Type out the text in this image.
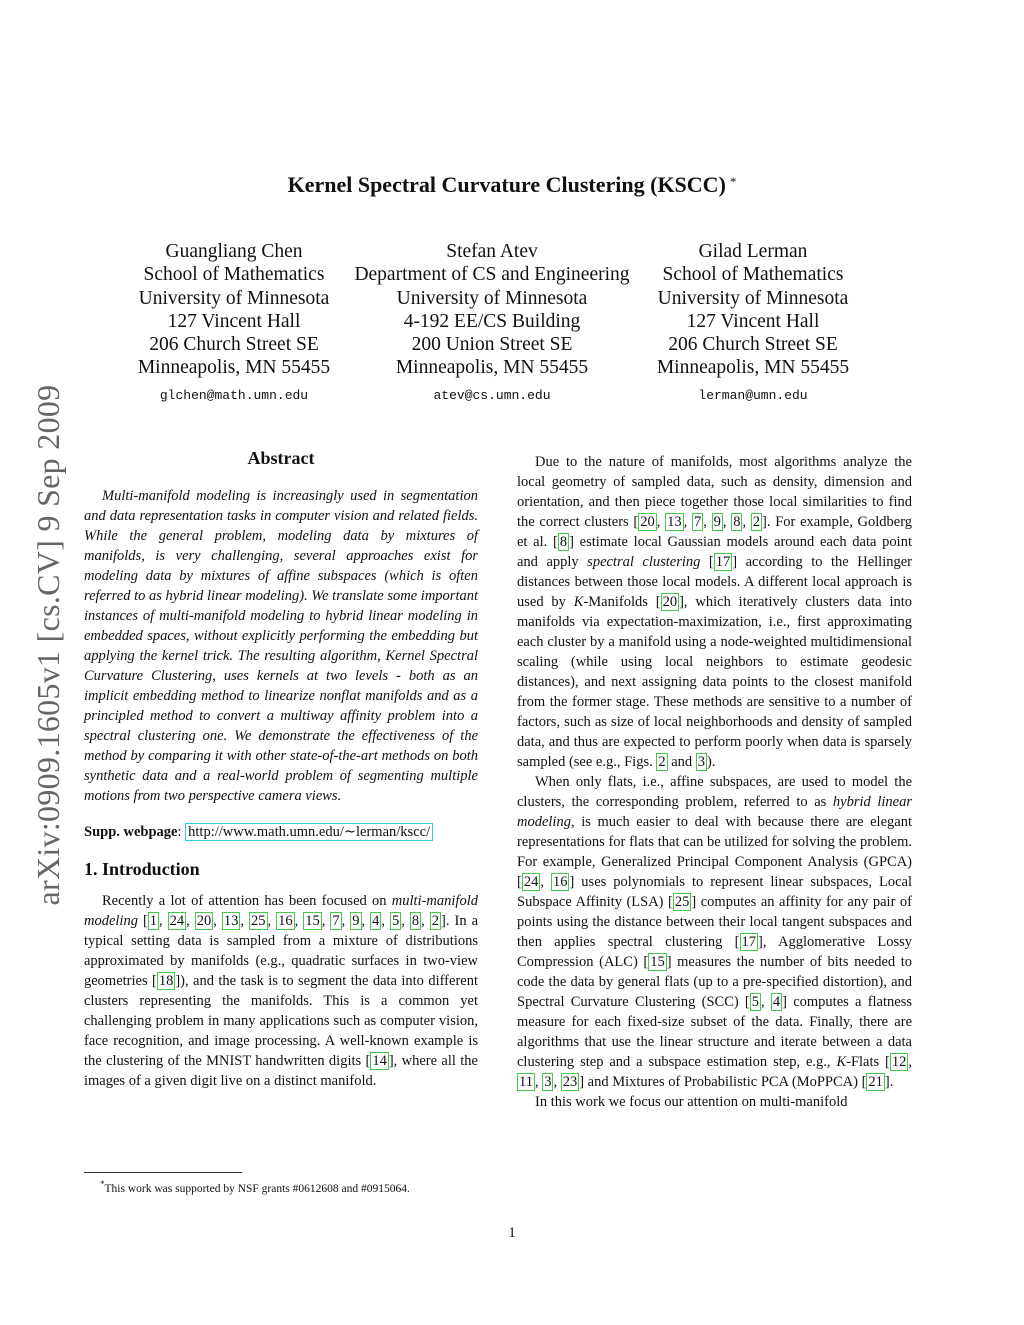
arXiv:0909.1605v1 [cs.CV] 9 Sep 2009
Kernel Spectral Curvature Clustering (KSCC) *
Guangliang Chen
School of Mathematics
University of Minnesota
127 Vincent Hall
206 Church Street SE
Minneapolis, MN 55455
glchen@math.umn.edu
Stefan Atev
Department of CS and Engineering
University of Minnesota
4-192 EE/CS Building
200 Union Street SE
Minneapolis, MN 55455
atev@cs.umn.edu
Gilad Lerman
School of Mathematics
University of Minnesota
127 Vincent Hall
206 Church Street SE
Minneapolis, MN 55455
lerman@umn.edu
Abstract

Multi-manifold modeling is increasingly used in segmentation and data representation tasks in computer vision and related fields. While the general problem, modeling data by mixtures of manifolds, is very challenging, several approaches exist for modeling data by mixtures of affine subspaces (which is often referred to as hybrid linear modeling). We translate some important instances of multi-manifold modeling to hybrid linear modeling in embedded spaces, without explicitly performing the embedding but applying the kernel trick. The resulting algorithm, Kernel Spectral Curvature Clustering, uses kernels at two levels - both as an implicit embedding method to linearize nonflat manifolds and as a principled method to convert a multiway affinity problem into a spectral clustering one. We demonstrate the effectiveness of the method by comparing it with other state-of-the-art methods on both synthetic data and a real-world problem of segmenting multiple motions from two perspective camera views.

Supp. webpage: http://www.math.umn.edu/∼lerman/kscc/
1. Introduction

Recently a lot of attention has been focused on multi-manifold modeling [ 1 , 24 , 20 , 13 , 25 , 16 , 15 , 7 , 9 , 4 , 5 , 8 , 2 ]. In a typical setting data is sampled from a mixture of distributions approximated by manifolds (e.g., quadratic surfaces in two-view geometries [ 18 ]), and the task is to segment the data into different clusters representing the manifolds. This is a common yet challenging problem in many applications such as computer vision, face recognition, and image processing. A well-known example is the clustering of the MNIST handwritten digits [ 14 ], where all the images of a given digit live on a distinct manifold.

Due to the nature of manifolds, most algorithms analyze the local geometry of sampled data, such as density, dimension and orientation, and then piece together those local similarities to find the correct clusters [ 20 , 13 , 7 , 9 , 8 , 2 ]. For example, Goldberg et al. [ 8 ] estimate local Gaussian models around each data point and apply spectral clustering [ 17 ] according to the Hellinger distances between those local models. A different local approach is used by K-Manifolds [ 20 ], which iteratively clusters data into manifolds via expectation-maximization, i.e., first approximating each cluster by a manifold using a node-weighted multidimensional scaling (while using local neighbors to estimate geodesic distances), and next assigning data points to the closest manifold from the former stage. These methods are sensitive to a number of factors, such as size of local neighborhoods and density of sampled data, and thus are expected to perform poorly when data is sparsely sampled (see e.g., Figs. 2 and 3 ).

When only flats, i.e., affine subspaces, are used to model the clusters, the corresponding problem, referred to as hybrid linear modeling, is much easier to deal with because there are elegant representations for flats that can be utilized for solving the problem. For example, Generalized Principal Component Analysis (GPCA) [ 24 , 16 ] uses polynomials to represent linear subspaces, Local Subspace Affinity (LSA) [ 25 ] computes an affinity for any pair of points using the distance between their local tangent subspaces and then applies spectral clustering [ 17 ], Agglomerative Lossy Compression (ALC) [ 15 ] measures the number of bits needed to code the data by general flats (up to a pre-specified distortion), and Spectral Curvature Clustering (SCC) [ 5 , 4 ] computes a flatness measure for each fixed-size subset of the data. Finally, there are algorithms that use the linear structure and iterate between a data clustering step and a subspace estimation step, e.g., K-Flats [ 12 , 11 , 3 , 23 ] and Mixtures of Probabilistic PCA (MoPPCA) [ 21 ].

In this work we focus our attention on multi-manifold

*This work was supported by NSF grants #0612608 and #0915064.
1
